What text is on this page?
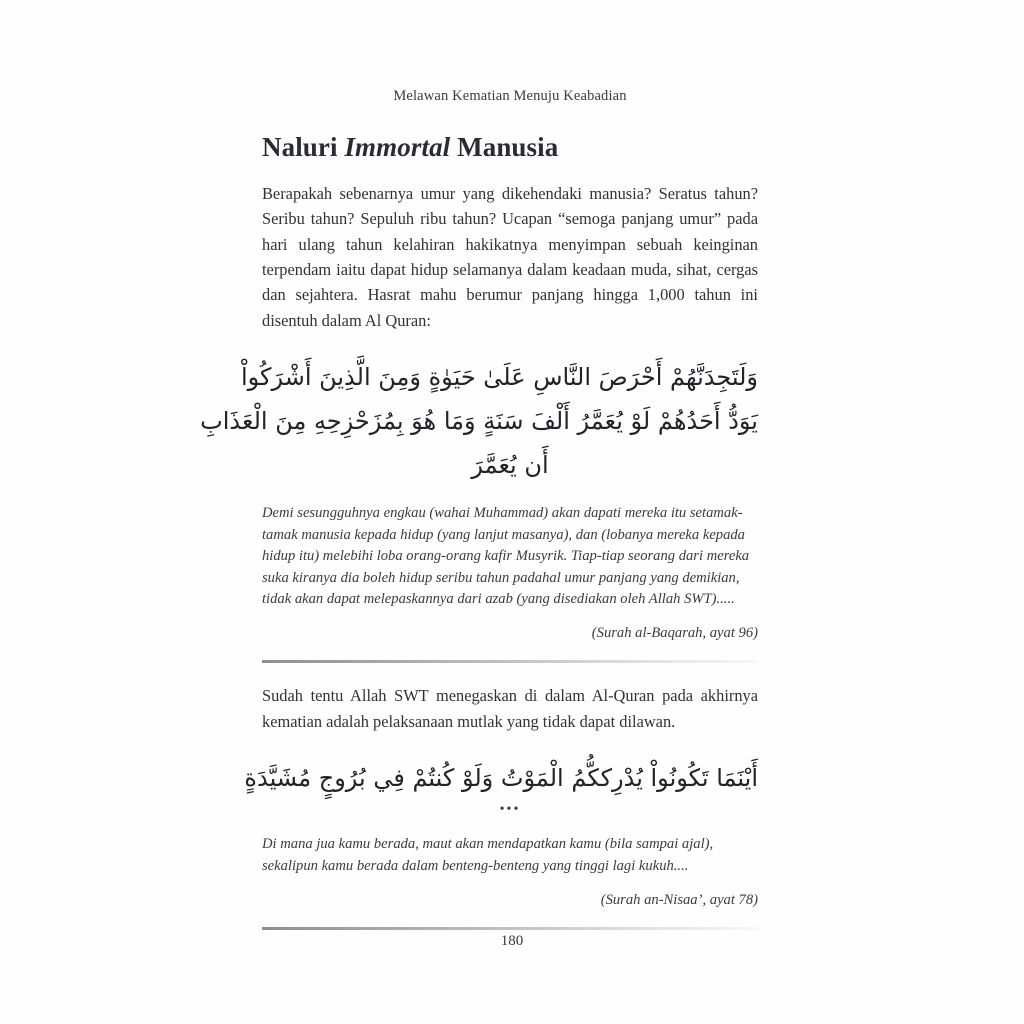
Melawan Kematian Menuju Keabadian
Naluri Immortal Manusia

Berapakah sebenarnya umur yang dikehendaki manusia? Seratus tahun? Seribu tahun? Sepuluh ribu tahun? Ucapan “semoga panjang umur” pada hari ulang tahun kelahiran hakikatnya menyimpan sebuah keinginan terpendam iaitu dapat hidup selamanya dalam keadaan muda, sihat, cergas dan sejahtera. Hasrat mahu berumur panjang hingga 1,000 tahun ini disentuh dalam Al Quran:

وَلَتَجِدَنَّهُمْ أَحْرَصَ النَّاسِ عَلَىٰ حَيَوٰةٍ وَمِنَ الَّذِينَ أَشْرَكُواْ
يَوَدُّ أَحَدُهُمْ لَوْ يُعَمَّرُ أَلْفَ سَنَةٍ وَمَا هُوَ بِمُزَحْزِحِهِ مِنَ الْعَذَابِ
أَن يُعَمَّرَ

Demi sesungguhnya engkau (wahai Muhammad) akan dapati mereka itu setamak-tamak manusia kepada hidup (yang lanjut masanya), dan (lobanya mereka kepada hidup itu) melebihi loba orang-orang kafir Musyrik. Tiap-tiap seorang dari mereka suka kiranya dia boleh hidup seribu tahun padahal umur panjang yang demikian, tidak akan dapat melepaskannya dari azab (yang disediakan oleh Allah SWT).....

(Surah al-Baqarah, ayat 96)

Sudah tentu Allah SWT menegaskan di dalam Al-Quran pada akhirnya kematian adalah pelaksanaan mutlak yang tidak dapat dilawan.

أَيْنَمَا تَكُونُواْ يُدْرِككُّمُ الْمَوْتُ وَلَوْ كُنتُمْ فِي بُرُوجٍ مُشَيَّدَةٍ
•••

Di mana jua kamu berada, maut akan mendapatkan kamu (bila sampai ajal), sekalipun kamu berada dalam benteng-benteng yang tinggi lagi kukuh....

(Surah an-Nisaa’, ayat 78)
180
